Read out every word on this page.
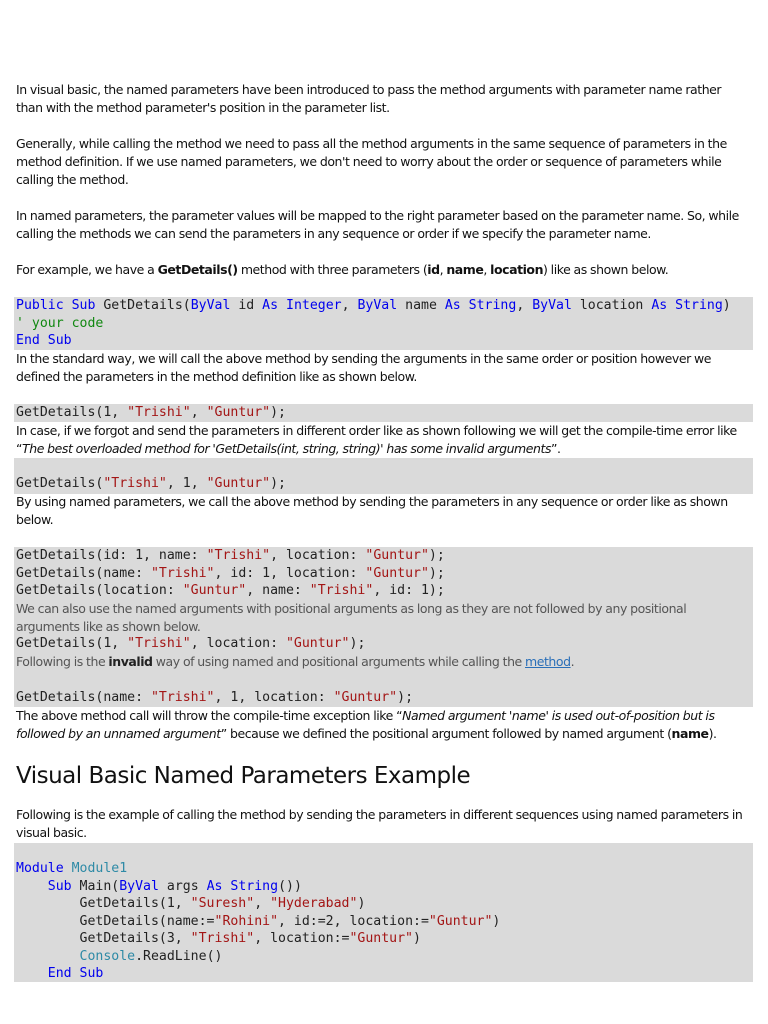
In visual basic, the named parameters have been introduced to pass the method arguments with parameter name rather than with the method parameter's position in the parameter list.

Generally, while calling the method we need to pass all the method arguments in the same sequence of parameters in the method definition. If we use named parameters, we don't need to worry about the order or sequence of parameters while calling the method.

In named parameters, the parameter values will be mapped to the right parameter based on the parameter name. So, while calling the methods we can send the parameters in any sequence or order if we specify the parameter name.

For example, we have a GetDetails() method with three parameters (id, name, location) like as shown below.

Public Sub GetDetails(ByVal id As Integer, ByVal name As String, ByVal location As String)
' your code
End Sub

In the standard way, we will call the above method by sending the arguments in the same order or position however we defined the parameters in the method definition like as shown below.

GetDetails(1, "Trishi", "Guntur");

In case, if we forgot and send the parameters in different order like as shown following we will get the compile-time error like “The best overloaded method for 'GetDetails(int, string, string)' has some invalid arguments”.

GetDetails("Trishi", 1, "Guntur");

By using named parameters, we call the above method by sending the parameters in any sequence or order like as shown below.

GetDetails(id: 1, name: "Trishi", location: "Guntur");
GetDetails(name: "Trishi", id: 1, location: "Guntur");
GetDetails(location: "Guntur", name: "Trishi", id: 1);

We can also use the named arguments with positional arguments as long as they are not followed by any positional arguments like as shown below.

GetDetails(1, "Trishi", location: "Guntur");

Following is the invalid way of using named and positional arguments while calling the method.

GetDetails(name: "Trishi", 1, location: "Guntur");

The above method call will throw the compile-time exception like “Named argument 'name' is used out-of-position but is followed by an unnamed argument” because we defined the positional argument followed by named argument (name).

Visual Basic Named Parameters Example

Following is the example of calling the method by sending the parameters in different sequences using named parameters in visual basic.

Module Module1
Sub Main(ByVal args As String())
GetDetails(1, "Suresh", "Hyderabad")
GetDetails(name:="Rohini", id:=2, location:="Guntur")
GetDetails(3, "Trishi", location:="Guntur")
Console.ReadLine()
End Sub
